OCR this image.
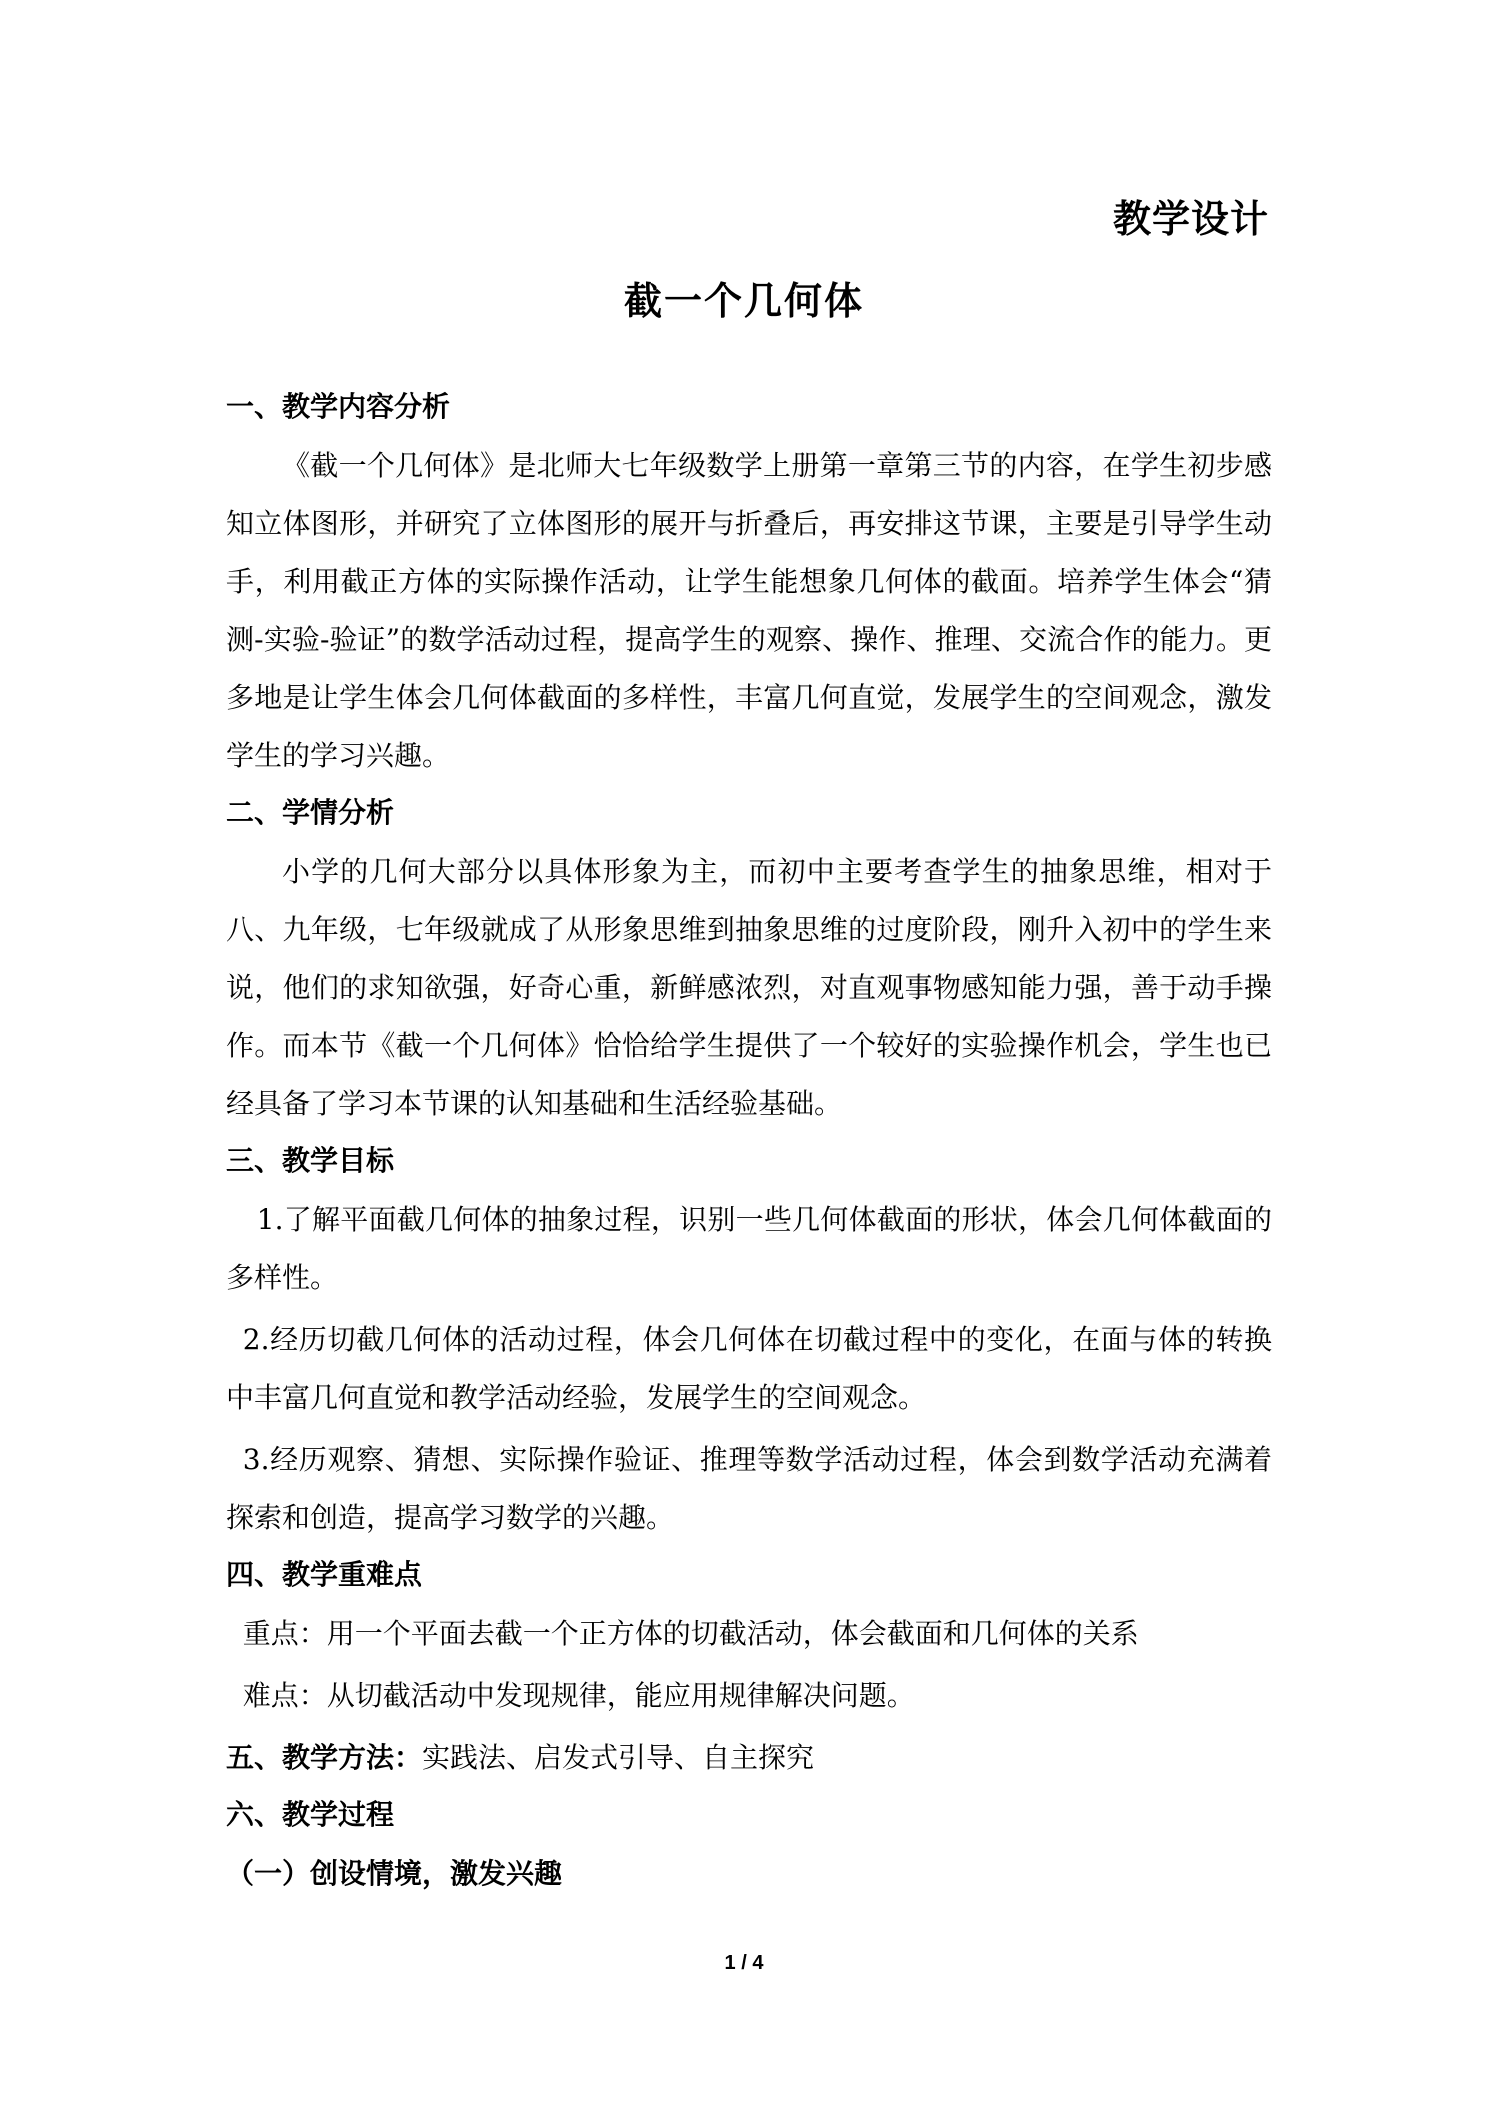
教学设计
截一个几何体
一、教学内容分析
《截一个几何体》是北师大七年级数学上册第一章第三节的内容，在学生初步感知立体图形，并研究了立体图形的展开与折叠后，再安排这节课，主要是引导学生动手，利用截正方体的实际操作活动，让学生能想象几何体的截面。培养学生体会“猜测-实验-验证”的数学活动过程，提高学生的观察、操作、推理、交流合作的能力。更多地是让学生体会几何体截面的多样性，丰富几何直觉，发展学生的空间观念，激发学生的学习兴趣。
二、学情分析
小学的几何大部分以具体形象为主，而初中主要考查学生的抽象思维，相对于八、九年级，七年级就成了从形象思维到抽象思维的过度阶段，刚升入初中的学生来说，他们的求知欲强，好奇心重，新鲜感浓烈，对直观事物感知能力强，善于动手操作。而本节《截一个几何体》恰恰给学生提供了一个较好的实验操作机会，学生也已经具备了学习本节课的认知基础和生活经验基础。
三、教学目标
1.了解平面截几何体的抽象过程，识别一些几何体截面的形状，体会几何体截面的多样性。
2.经历切截几何体的活动过程，体会几何体在切截过程中的变化，在面与体的转换中丰富几何直觉和教学活动经验，发展学生的空间观念。
3.经历观察、猜想、实际操作验证、推理等数学活动过程，体会到数学活动充满着探索和创造，提高学习数学的兴趣。
四、教学重难点
重点：用一个平面去截一个正方体的切截活动，体会截面和几何体的关系
难点：从切截活动中发现规律，能应用规律解决问题。
五、教学方法：实践法、启发式引导、自主探究
六、教学过程
（一）创设情境，激发兴趣
1 / 4
